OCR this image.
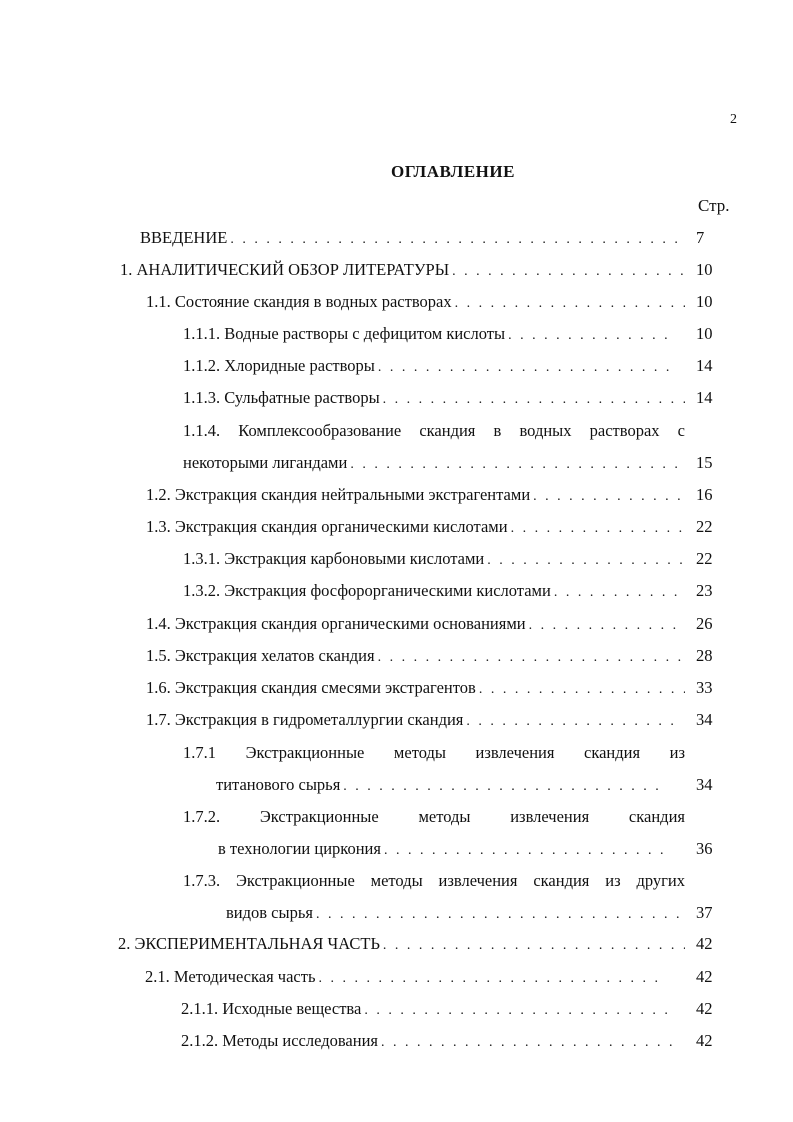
2
ОГЛАВЛЕНИЕ
Стр.
ВВЕДЕНИЕ . . .	7
1. АНАЛИТИЧЕСКИЙ ОБЗОР ЛИТЕРАТУРЫ . . .	10
1.1. Состояние скандия в водных растворах . . .	10
1.1.1. Водные растворы с дефицитом кислоты . . .	10
1.1.2. Хлоридные растворы . . .	14
1.1.3. Сульфатные растворы . . .	14
1.1.4. Комплексообразование скандия в водных растворах с
некоторыми лигандами . . .	15
1.2. Экстракция скандия нейтральными экстрагентами . . .	16
1.3. Экстракция скандия органическими кислотами . . .	22
1.3.1. Экстракция карбоновыми кислотами . . .	22
1.3.2. Экстракция фосфорорганическими кислотами . . .	23
1.4. Экстракция скандия органическими основаниями . . .	26
1.5. Экстракция хелатов скандия . . .	28
1.6. Экстракция скандия смесями экстрагентов . . .	33
1.7. Экстракция в гидрометаллургии скандия . . .	34
1.7.1 Экстракционные методы извлечения скандия из
титанового сырья . . .	34
1.7.2. Экстракционные методы извлечения скандия
в технологии циркония . . .	36
1.7.3. Экстракционные методы извлечения скандия из других
видов сырья . . .	37
2. ЭКСПЕРИМЕНТАЛЬНАЯ ЧАСТЬ . . .	42
2.1. Методическая часть . . .	42
2.1.1. Исходные вещества . . .	42
2.1.2. Методы исследования . . .	42
